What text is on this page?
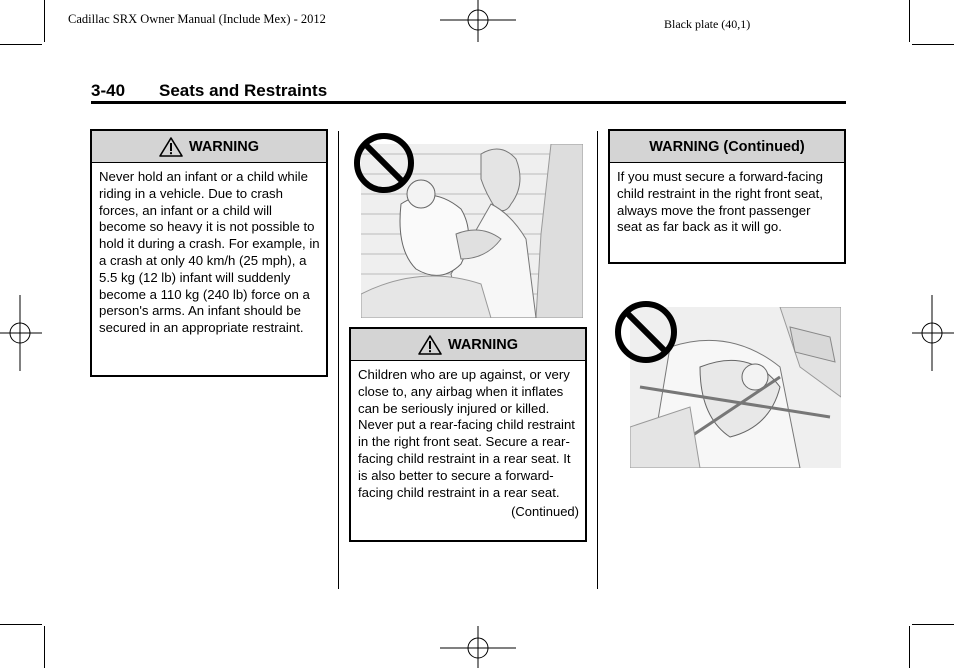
Cadillac SRX Owner Manual (Include Mex) - 2012	Black plate (40,1)
3-40 Seats and Restraints
WARNING

Never hold an infant or a child while riding in a vehicle. Due to crash forces, an infant or a child will become so heavy it is not possible to hold it during a crash. For example, in a crash at only 40 km/h (25 mph), a 5.5 kg (12 lb) infant will suddenly become a 110 kg (240 lb) force on a person's arms. An infant should be secured in an appropriate restraint.

WARNING

Children who are up against, or very close to, any airbag when it inflates can be seriously injured or killed. Never put a rear-facing child restraint in the right front seat. Secure a rear-facing child restraint in a rear seat. It is also better to secure a forward-facing child restraint in a rear seat.

(Continued)
WARNING (Continued)

If you must secure a forward-facing child restraint in the right front seat, always move the front passenger seat as far back as it will go.
